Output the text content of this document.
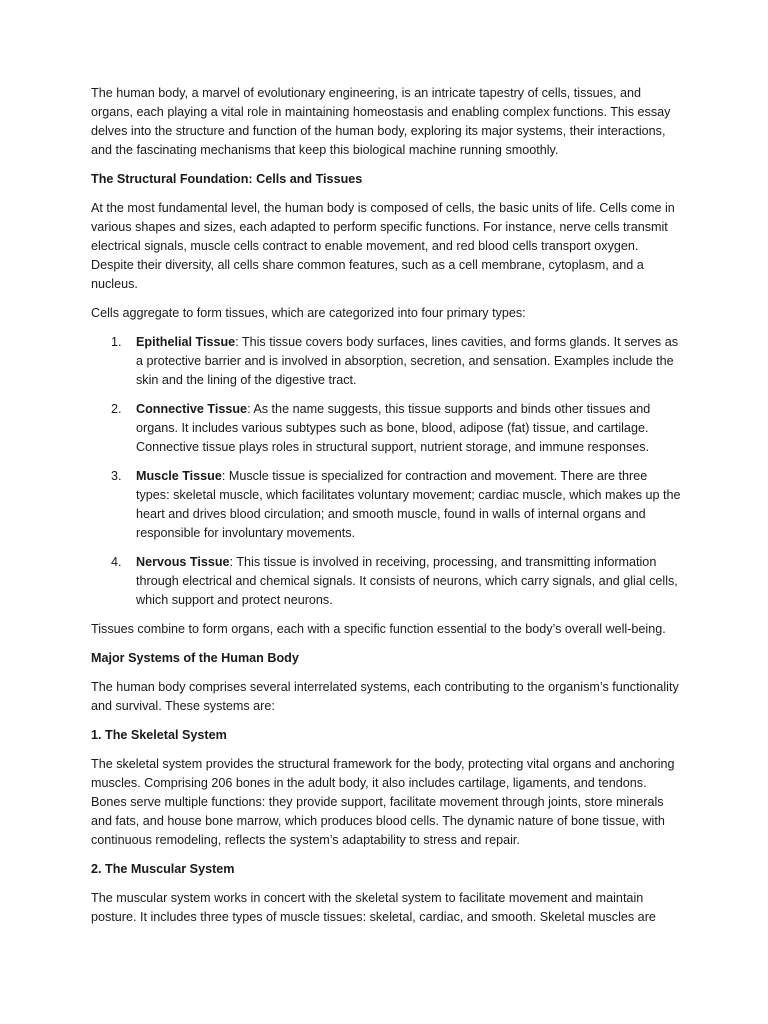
The human body, a marvel of evolutionary engineering, is an intricate tapestry of cells, tissues, and organs, each playing a vital role in maintaining homeostasis and enabling complex functions. This essay delves into the structure and function of the human body, exploring its major systems, their interactions, and the fascinating mechanisms that keep this biological machine running smoothly.

The Structural Foundation: Cells and Tissues

At the most fundamental level, the human body is composed of cells, the basic units of life. Cells come in various shapes and sizes, each adapted to perform specific functions. For instance, nerve cells transmit electrical signals, muscle cells contract to enable movement, and red blood cells transport oxygen. Despite their diversity, all cells share common features, such as a cell membrane, cytoplasm, and a nucleus.

Cells aggregate to form tissues, which are categorized into four primary types:

1. Epithelial Tissue: This tissue covers body surfaces, lines cavities, and forms glands. It serves as a protective barrier and is involved in absorption, secretion, and sensation. Examples include the skin and the lining of the digestive tract.
2. Connective Tissue: As the name suggests, this tissue supports and binds other tissues and organs. It includes various subtypes such as bone, blood, adipose (fat) tissue, and cartilage. Connective tissue plays roles in structural support, nutrient storage, and immune responses.
3. Muscle Tissue: Muscle tissue is specialized for contraction and movement. There are three types: skeletal muscle, which facilitates voluntary movement; cardiac muscle, which makes up the heart and drives blood circulation; and smooth muscle, found in walls of internal organs and responsible for involuntary movements.
4. Nervous Tissue: This tissue is involved in receiving, processing, and transmitting information through electrical and chemical signals. It consists of neurons, which carry signals, and glial cells, which support and protect neurons.

Tissues combine to form organs, each with a specific function essential to the body’s overall well-being.

Major Systems of the Human Body

The human body comprises several interrelated systems, each contributing to the organism’s functionality and survival. These systems are:

1. The Skeletal System

The skeletal system provides the structural framework for the body, protecting vital organs and anchoring muscles. Comprising 206 bones in the adult body, it also includes cartilage, ligaments, and tendons. Bones serve multiple functions: they provide support, facilitate movement through joints, store minerals and fats, and house bone marrow, which produces blood cells. The dynamic nature of bone tissue, with continuous remodeling, reflects the system’s adaptability to stress and repair.

2. The Muscular System

The muscular system works in concert with the skeletal system to facilitate movement and maintain posture. It includes three types of muscle tissues: skeletal, cardiac, and smooth. Skeletal muscles are
